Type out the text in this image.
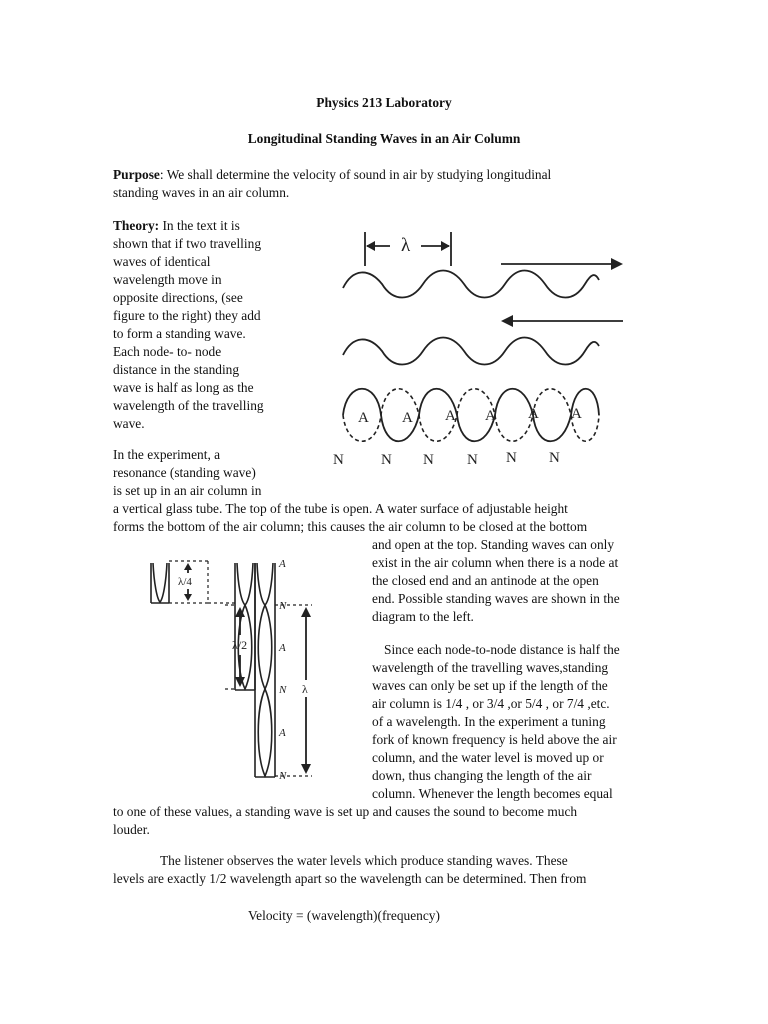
Physics 213 Laboratory
Longitudinal Standing Waves in an Air Column
Purpose: We shall determine the velocity of sound in air by studying longitudinal
standing waves in an air column.
Theory: In the text it is
shown that if two travelling
waves of identical
wavelength move in
opposite directions, (see
figure to the right) they add
to form a standing wave.
Each node- to- node
distance in the standing
wave is half as long as the
wavelength of the travelling
wave.
In the experiment, a
resonance (standing wave)
is set up in an air column in
a vertical glass tube. The top of the tube is open. A water surface of adjustable height
forms the bottom of the air column; this causes the air column to be closed at the bottom
and open at the top. Standing waves can only
exist in the air column when there is a node at
the closed end and an antinode at the open
end. Possible standing waves are shown in the
diagram to the left.
Since each node-to-node distance is half the
wavelength of the travelling waves,standing
waves can only be set up if the length of the
air column is 1/4 , or 3/4 ,or 5/4 , or 7/4 ,etc.
of a wavelength. In the experiment a tuning
fork of known frequency is held above the air
column, and the water level is moved up or
down, thus changing the length of the air
column. Whenever the length becomes equal
to one of these values, a standing wave is set up and causes the sound to become much
louder.
The listener observes the water levels which produce standing waves. These
levels are exactly 1/2 wavelength apart so the wavelength can be determined. Then from
Velocity = (wavelength)(frequency)
λ
A A A A A A
N N N N N N
λ/4
λ/2
λ
A
A
A
N
N
N
